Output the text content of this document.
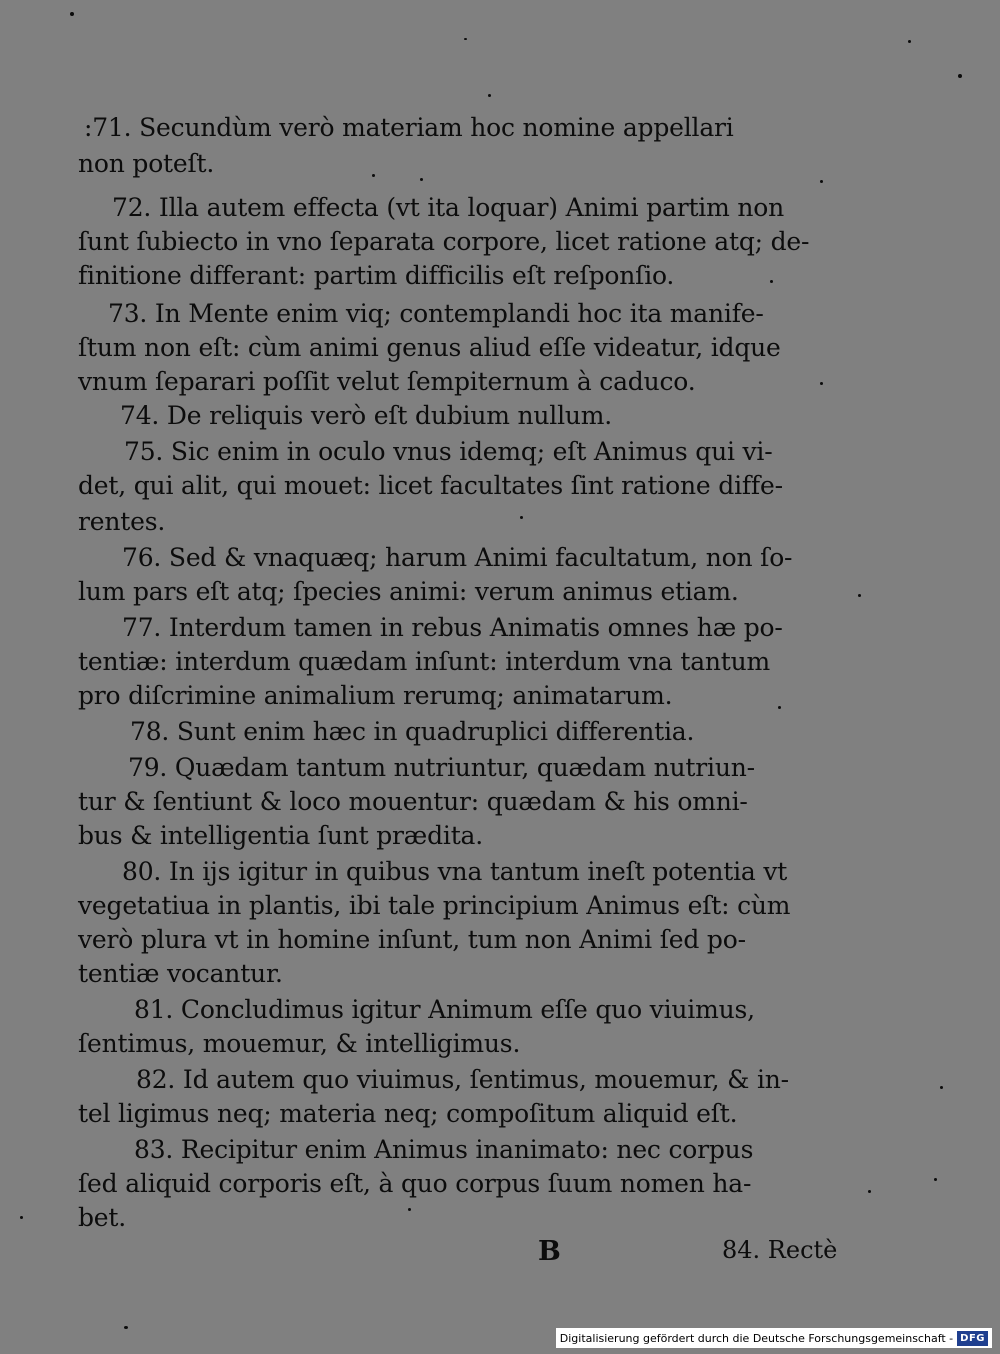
:71. Secundùm verò materiam hoc nomine appellari
non poteſt.
72. Illa autem effecta (vt ita loquar) Animi partim non
ſunt ſubiecto in vno ſeparata corpore, licet ratione atq; de-
finitione differant: partim difficilis eſt reſponſio.
73. In Mente enim viq; contemplandi hoc ita manife-
ſtum non eſt: cùm animi genus aliud eſſe videatur, idque
vnum ſeparari poſſit velut ſempiternum à caduco.
74. De reliquis verò eſt dubium nullum.
75. Sic enim in oculo vnus idemq; eſt Animus qui vi-
det, qui alit, qui mouet: licet facultates ſint ratione diffe-
rentes.
76. Sed & vnaquæq; harum Animi facultatum, non ſo-
lum pars eſt atq; ſpecies animi: verum animus etiam.
77. Interdum tamen in rebus Animatis omnes hæ po-
tentiæ: interdum quædam inſunt: interdum vna tantum
pro diſcrimine animalium rerumq; animatarum.
78. Sunt enim hæc in quadruplici differentia.
79. Quædam tantum nutriuntur, quædam nutriun-
tur & ſentiunt & loco mouentur: quædam & his omni-
bus & intelligentia ſunt prædita.
80. In ijs igitur in quibus vna tantum ineſt potentia vt
vegetatiua in plantis, ibi tale principium Animus eſt: cùm
verò plura vt in homine inſunt, tum non Animi ſed po-
tentiæ vocantur.
81. Concludimus igitur Animum eſſe quo viuimus,
ſentimus, mouemur, & intelligimus.
82. Id autem quo viuimus, ſentimus, mouemur, & in-
tel ligimus neq; materia neq; compoſitum aliquid eſt.
83. Recipitur enim Animus inanimato: nec corpus
ſed aliquid corporis eſt, à quo corpus ſuum nomen ha-
bet.
B	84. Rectè
Digitalisierung gefördert durch die Deutsche Forschungsgemeinschaft - DFG
